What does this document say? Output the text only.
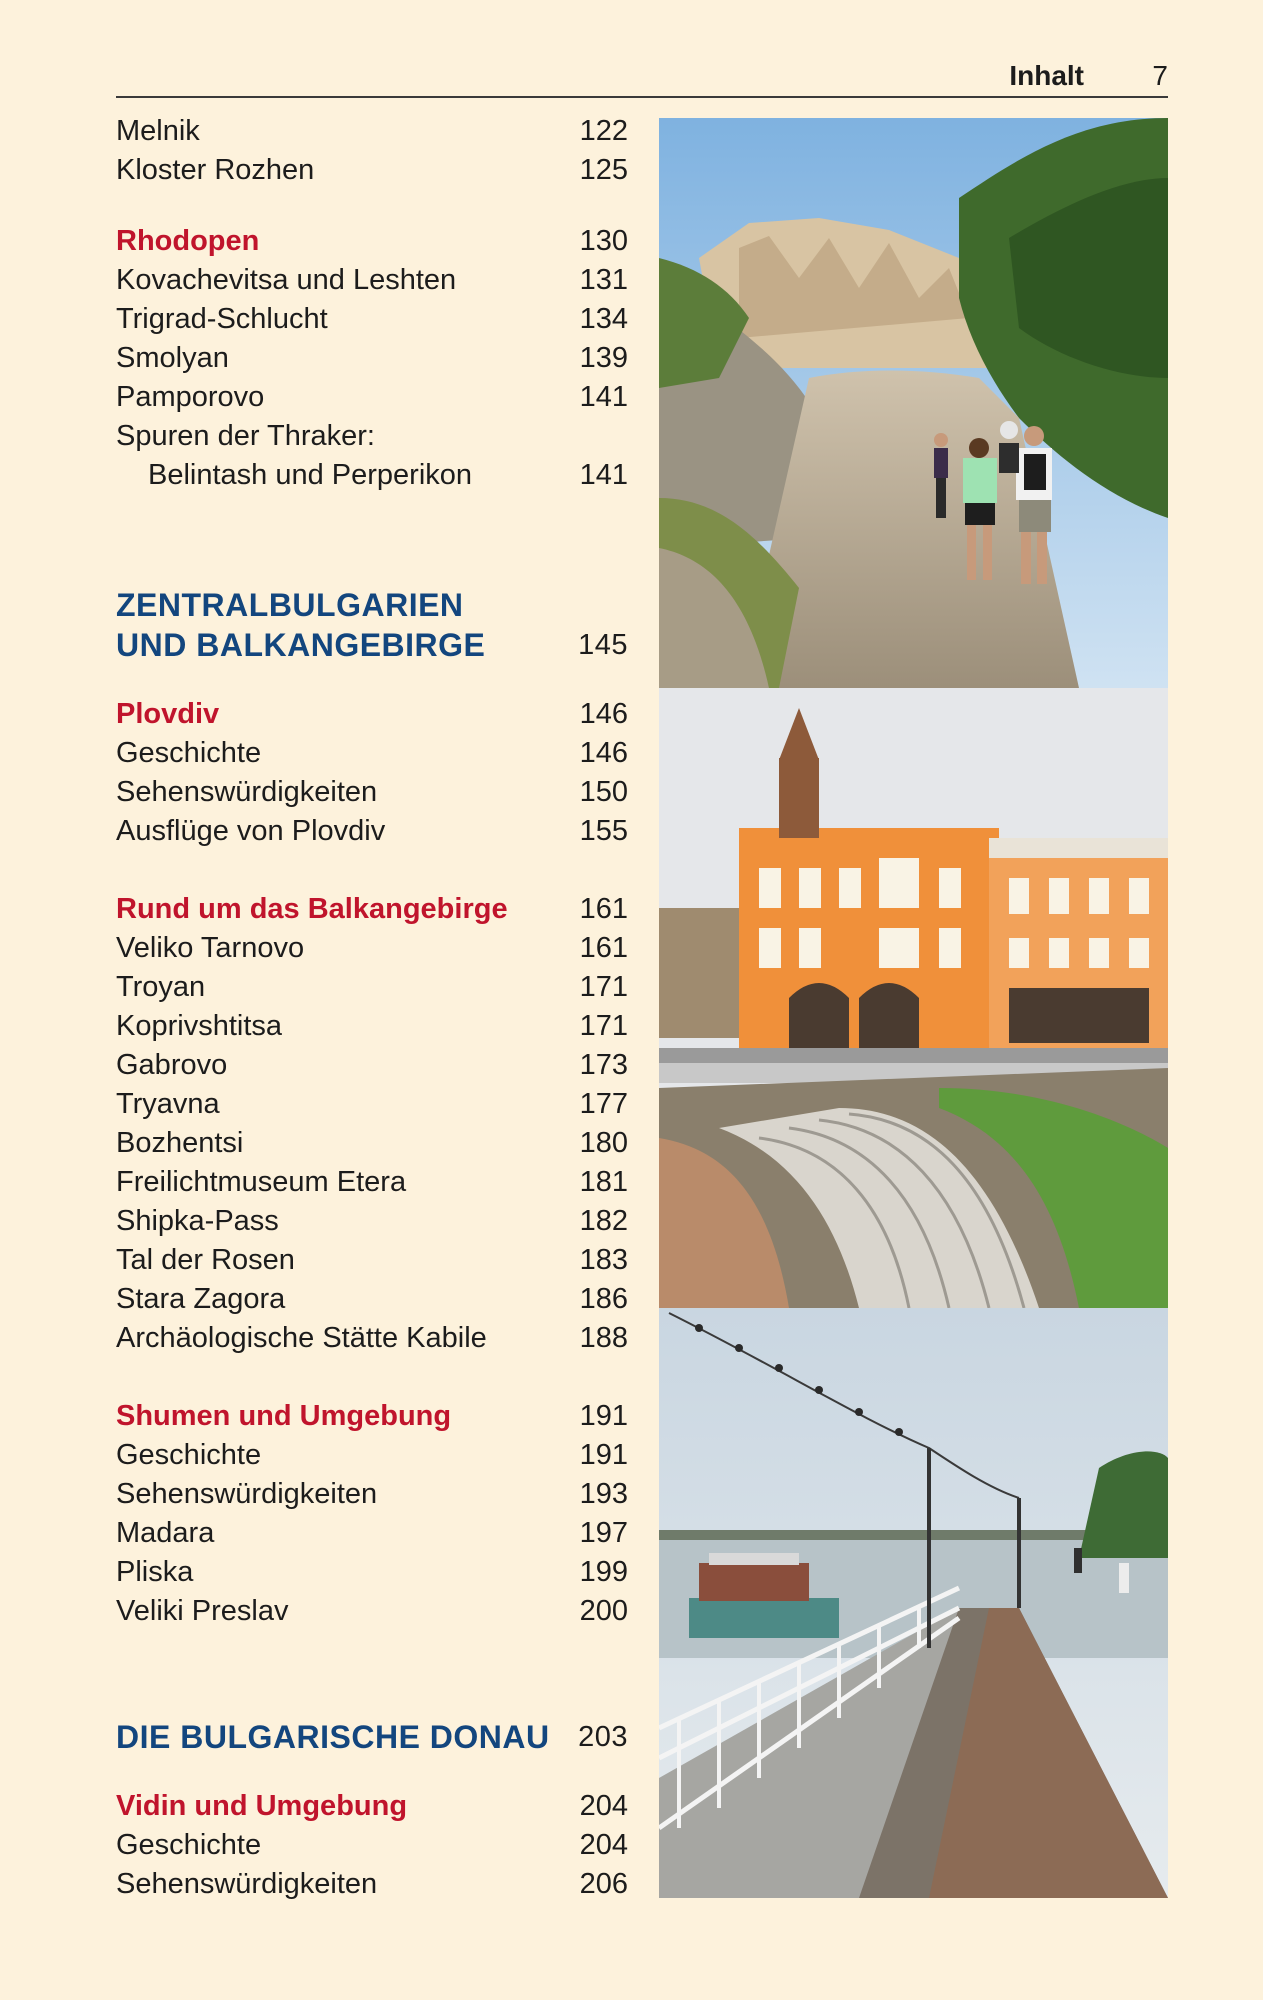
Inhalt 7
Melnik	122
Kloster Rozhen	125
Rhodopen	130
Kovachevitsa und Leshten	131
Trigrad-Schlucht	134
Smolyan	139
Pamporovo	141
Spuren der Thraker:
Belintash und Perperikon	141
ZENTRALBULGARIEN
UND BALKANGEBIRGE	145
Plovdiv	146
Geschichte	146
Sehenswürdigkeiten	150
Ausflüge von Plovdiv	155
Rund um das Balkangebirge 161
Veliko Tarnovo	161
Troyan	171
Koprivshtitsa	171
Gabrovo	173
Tryavna	177
Bozhentsi	180
Freilichtmuseum Etera	181
Shipka-Pass	182
Tal der Rosen	183
Stara Zagora	186
Archäologische Stätte Kabile	188
Shumen und Umgebung	191
Geschichte	191
Sehenswürdigkeiten	193
Madara	197
Pliska	199
Veliki Preslav	200
DIE BULGARISCHE DONAU 203
Vidin und Umgebung	204
Geschichte	204
Sehenswürdigkeiten	206
